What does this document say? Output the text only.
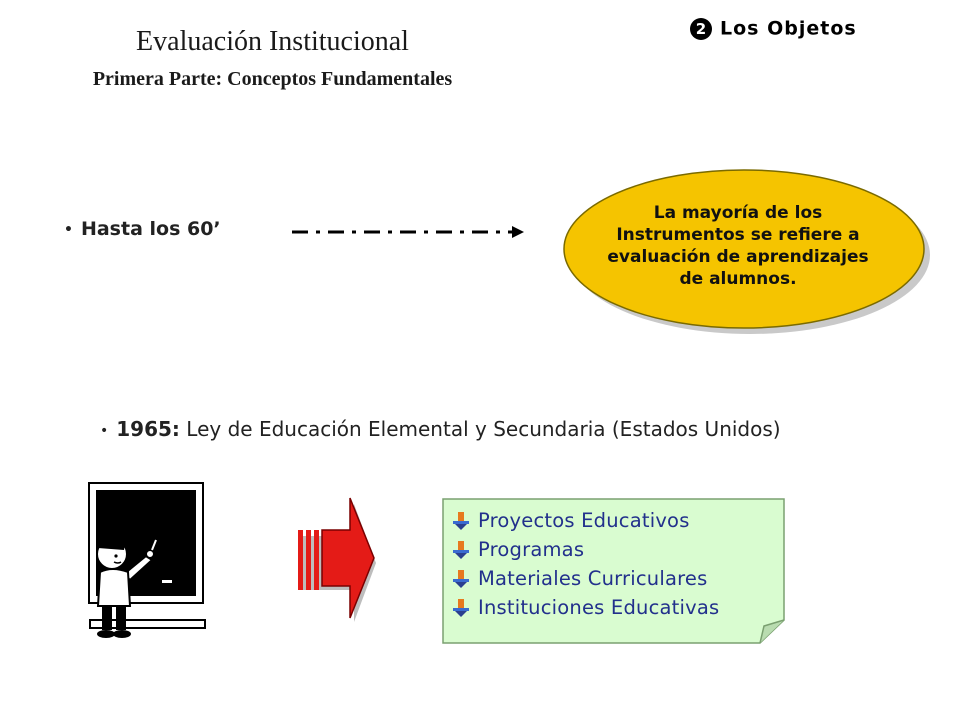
Evaluación Institucional
Primera Parte: Conceptos Fundamentales
2 Los Objetos
• Hasta los 60’
La mayoría de los
Instrumentos se refiere a
evaluación de aprendizajes
de alumnos.
• 1965: Ley de Educación Elemental y Secundaria (Estados Unidos)
Proyectos Educativos
Programas
Materiales Curriculares
Instituciones Educativas
